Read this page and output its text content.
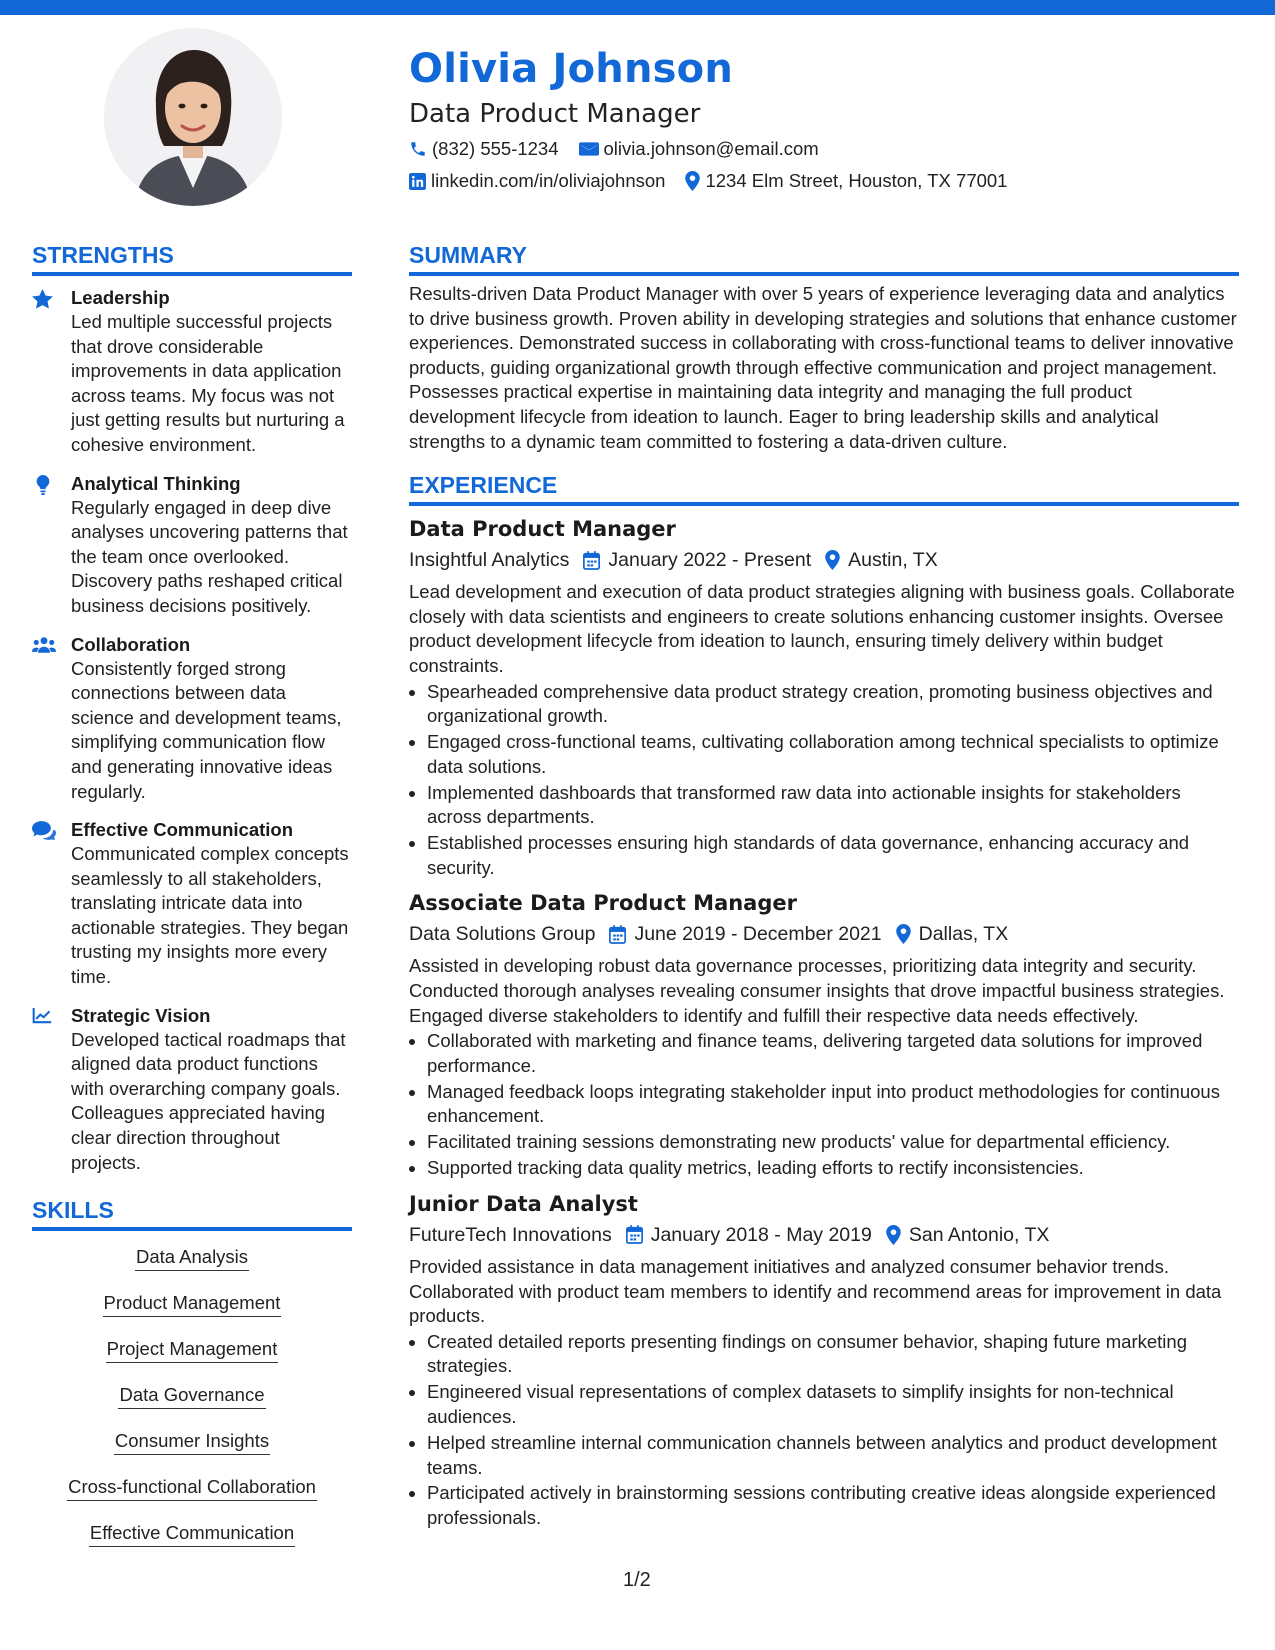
Olivia Johnson
Data Product Manager
(832) 555-1234 olivia.johnson@email.com
linkedin.com/in/oliviajohnson 1234 Elm Street, Houston, TX 77001
STRENGTHS
Leadership
Led multiple successful projects that drove considerable improvements in data application across teams. My focus was not just getting results but nurturing a cohesive environment.
Analytical Thinking
Regularly engaged in deep dive analyses uncovering patterns that the team once overlooked. Discovery paths reshaped critical business decisions positively.
Collaboration
Consistently forged strong connections between data science and development teams, simplifying communication flow and generating innovative ideas regularly.
Effective Communication
Communicated complex concepts seamlessly to all stakeholders, translating intricate data into actionable strategies. They began trusting my insights more every time.
Strategic Vision
Developed tactical roadmaps that aligned data product functions with overarching company goals. Colleagues appreciated having clear direction throughout projects.
SKILLS
Data Analysis
Product Management
Project Management
Data Governance
Consumer Insights
Cross-functional Collaboration
Effective Communication
SUMMARY
Results-driven Data Product Manager with over 5 years of experience leveraging data and analytics to drive business growth. Proven ability in developing strategies and solutions that enhance customer experiences. Demonstrated success in collaborating with cross-functional teams to deliver innovative products, guiding organizational growth through effective communication and project management. Possesses practical expertise in maintaining data integrity and managing the full product development lifecycle from ideation to launch. Eager to bring leadership skills and analytical strengths to a dynamic team committed to fostering a data-driven culture.
EXPERIENCE
Data Product Manager
Insightful Analytics January 2022 - Present Austin, TX
Lead development and execution of data product strategies aligning with business goals. Collaborate closely with data scientists and engineers to create solutions enhancing customer insights. Oversee product development lifecycle from ideation to launch, ensuring timely delivery within budget constraints.
Spearheaded comprehensive data product strategy creation, promoting business objectives and organizational growth.
Engaged cross-functional teams, cultivating collaboration among technical specialists to optimize data solutions.
Implemented dashboards that transformed raw data into actionable insights for stakeholders across departments.
Established processes ensuring high standards of data governance, enhancing accuracy and security.
Associate Data Product Manager
Data Solutions Group June 2019 - December 2021 Dallas, TX
Assisted in developing robust data governance processes, prioritizing data integrity and security. Conducted thorough analyses revealing consumer insights that drove impactful business strategies. Engaged diverse stakeholders to identify and fulfill their respective data needs effectively.
Collaborated with marketing and finance teams, delivering targeted data solutions for improved performance.
Managed feedback loops integrating stakeholder input into product methodologies for continuous enhancement.
Facilitated training sessions demonstrating new products' value for departmental efficiency.
Supported tracking data quality metrics, leading efforts to rectify inconsistencies.
Junior Data Analyst
FutureTech Innovations January 2018 - May 2019 San Antonio, TX
Provided assistance in data management initiatives and analyzed consumer behavior trends. Collaborated with product team members to identify and recommend areas for improvement in data products.
Created detailed reports presenting findings on consumer behavior, shaping future marketing strategies.
Engineered visual representations of complex datasets to simplify insights for non-technical audiences.
Helped streamline internal communication channels between analytics and product development teams.
Participated actively in brainstorming sessions contributing creative ideas alongside experienced professionals.
1/2
